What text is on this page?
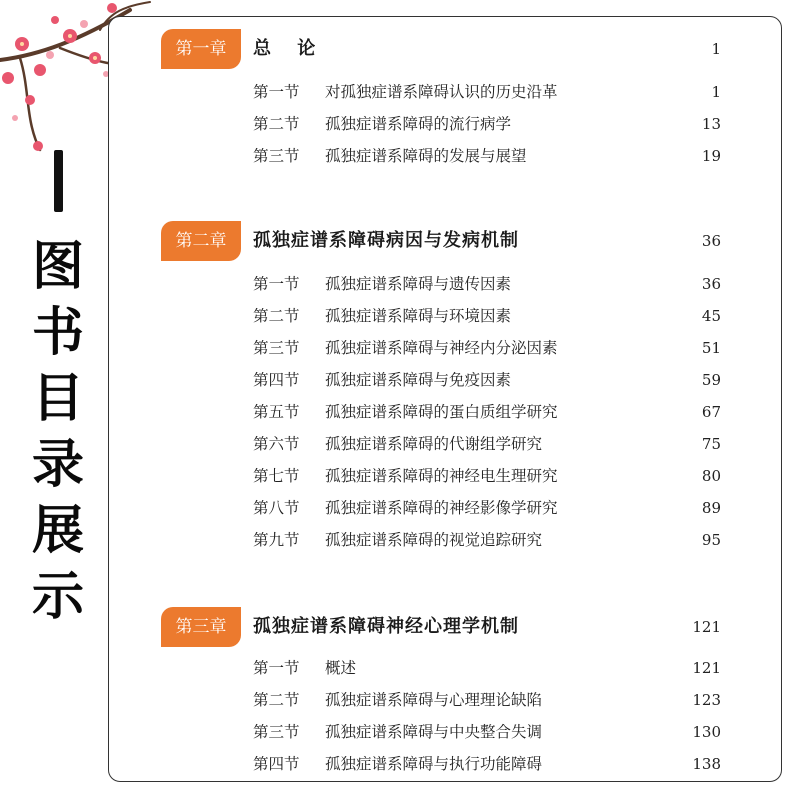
图
书
目
录
展
示
第一章	总 论	1
第一节 对孤独症谱系障碍认识的历史沿革	1
第二节 孤独症谱系障碍的流行病学	13
第三节 孤独症谱系障碍的发展与展望	19
第二章	孤独症谱系障碍病因与发病机制	36
第一节 孤独症谱系障碍与遗传因素	36
第二节 孤独症谱系障碍与环境因素	45
第三节 孤独症谱系障碍与神经内分泌因素	51
第四节 孤独症谱系障碍与免疫因素	59
第五节 孤独症谱系障碍的蛋白质组学研究	67
第六节 孤独症谱系障碍的代谢组学研究	75
第七节 孤独症谱系障碍的神经电生理研究	80
第八节 孤独症谱系障碍的神经影像学研究	89
第九节 孤独症谱系障碍的视觉追踪研究	95
第三章	孤独症谱系障碍神经心理学机制	121
第一节 概述	121
第二节 孤独症谱系障碍与心理理论缺陷	123
第三节 孤独症谱系障碍与中央整合失调	130
第四节 孤独症谱系障碍与执行功能障碍	138
